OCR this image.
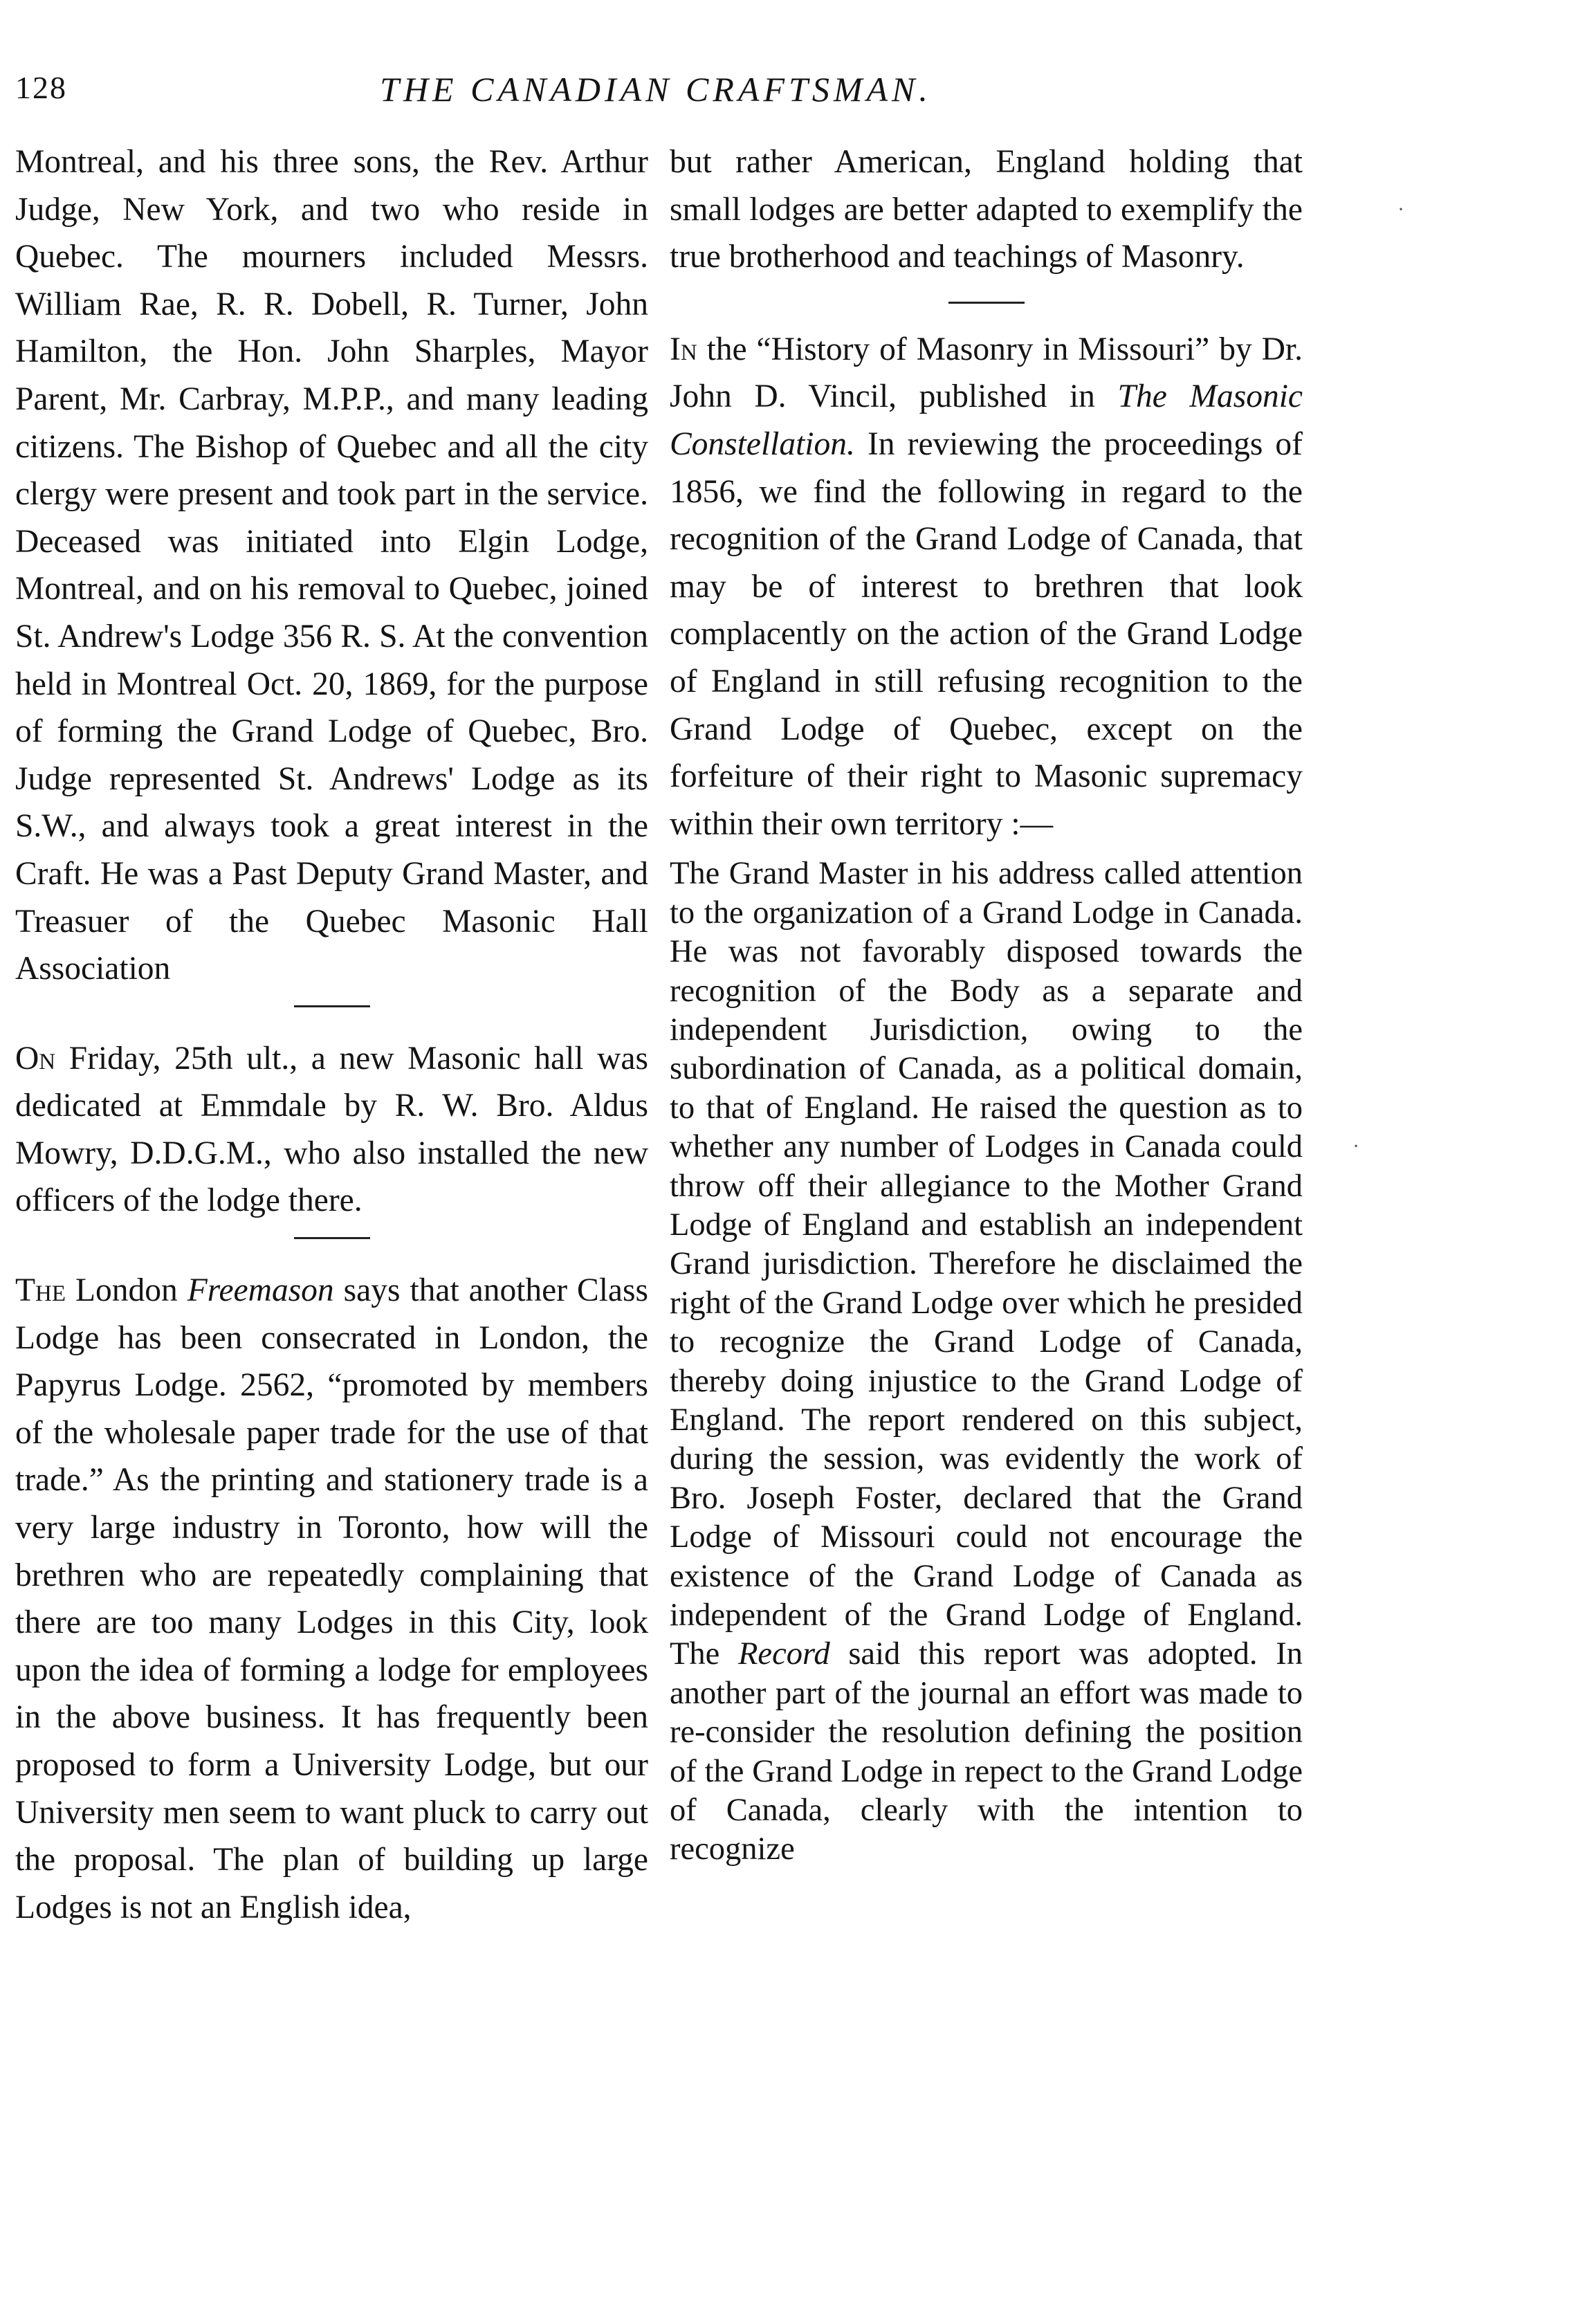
128	THE CANADIAN CRAFTSMAN.

Montreal, and his three sons, the Rev. Arthur Judge, New York, and two who reside in Quebec. The mourners included Messrs. William Rae, R. R. Dobell, R. Turner, John Hamilton, the Hon. John Sharples, Mayor Parent, Mr. Carbray, M.P.P., and many leading citizens. The Bishop of Quebec and all the city clergy were present and took part in the service. Deceased was initiated into Elgin Lodge, Montreal, and on his removal to Quebec, joined St. Andrew's Lodge 356 R. S. At the convention held in Montreal Oct. 20, 1869, for the purpose of forming the Grand Lodge of Quebec, Bro. Judge represented St. Andrews' Lodge as its S.W., and always took a great interest in the Craft. He was a Past Deputy Grand Master, and Treasuer of the Quebec Masonic Hall Association

On Friday, 25th ult., a new Masonic hall was dedicated at Emmdale by R. W. Bro. Aldus Mowry, D.D.G.M., who also installed the new officers of the lodge there.

The London Freemason says that another Class Lodge has been consecrated in London, the Papyrus Lodge. 2562, “promoted by members of the wholesale paper trade for the use of that trade.” As the printing and stationery trade is a very large industry in Toronto, how will the brethren who are repeatedly complaining that there are too many Lodges in this City, look upon the idea of forming a lodge for employees in the above business. It has frequently been proposed to form a University Lodge, but our University men seem to want pluck to carry out the proposal. The plan of building up large Lodges is not an English idea,

but rather American, England holding that small lodges are better adapted to exemplify the true brotherhood and teachings of Masonry.

In the “History of Masonry in Missouri” by Dr. John D. Vincil, published in The Masonic Constellation. In reviewing the proceedings of 1856, we find the following in regard to the recognition of the Grand Lodge of Canada, that may be of interest to brethren that look complacently on the action of the Grand Lodge of England in still refusing recognition to the Grand Lodge of Quebec, except on the forfeiture of their right to Masonic supremacy within their own territory :—

The Grand Master in his address called attention to the organization of a Grand Lodge in Canada. He was not favorably disposed towards the recognition of the Body as a separate and independent Jurisdiction, owing to the subordination of Canada, as a political domain, to that of England. He raised the question as to whether any number of Lodges in Canada could throw off their allegiance to the Mother Grand Lodge of England and establish an independent Grand jurisdiction. Therefore he disclaimed the right of the Grand Lodge over which he presided to recognize the Grand Lodge of Canada, thereby doing injustice to the Grand Lodge of England. The report rendered on this subject, during the session, was evidently the work of Bro. Joseph Foster, declared that the Grand Lodge of Missouri could not encourage the existence of the Grand Lodge of Canada as independent of the Grand Lodge of England. The Record said this report was adopted. In another part of the journal an effort was made to re-consider the resolution defining the position of the Grand Lodge in repect to the Grand Lodge of Canada, clearly with the intention to recognize

·
·
